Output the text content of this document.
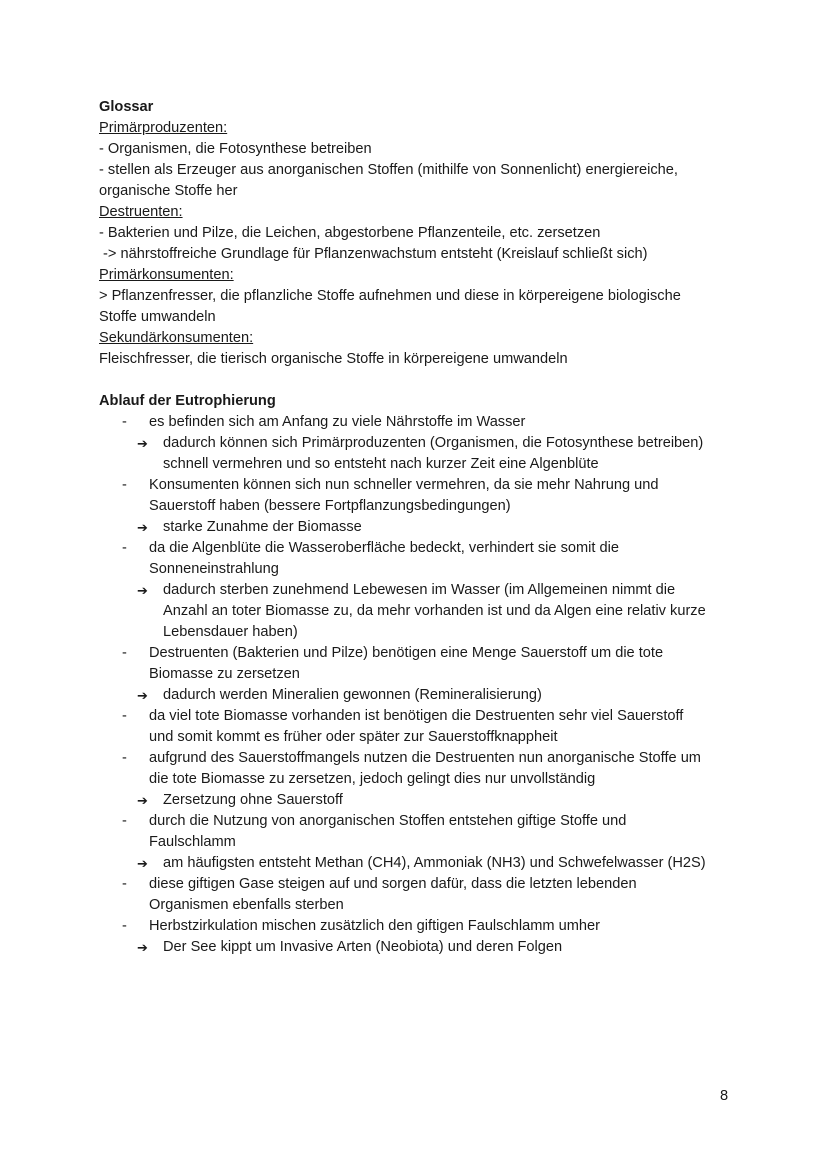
Glossar
Primärproduzenten:
- Organismen, die Fotosynthese betreiben
- stellen als Erzeuger aus anorganischen Stoffen (mithilfe von Sonnenlicht) energiereiche,
organische Stoffe her
Destruenten:
- Bakterien und Pilze, die Leichen, abgestorbene Pflanzenteile, etc. zersetzen
-> nährstoffreiche Grundlage für Pflanzenwachstum entsteht (Kreislauf schließt sich)
Primärkonsumenten:
> Pflanzenfresser, die pflanzliche Stoffe aufnehmen und diese in körpereigene biologische
Stoffe umwandeln
Sekundärkonsumenten:
Fleischfresser, die tierisch organische Stoffe in körpereigene umwandeln
Ablauf der Eutrophierung
- es befinden sich am Anfang zu viele Nährstoffe im Wasser
➔ dadurch können sich Primärproduzenten (Organismen, die Fotosynthese betreiben)
schnell vermehren und so entsteht nach kurzer Zeit eine Algenblüte
- Konsumenten können sich nun schneller vermehren, da sie mehr Nahrung und
Sauerstoff haben (bessere Fortpflanzungsbedingungen)
➔ starke Zunahme der Biomasse
- da die Algenblüte die Wasseroberfläche bedeckt, verhindert sie somit die
Sonneneinstrahlung
➔ dadurch sterben zunehmend Lebewesen im Wasser (im Allgemeinen nimmt die
Anzahl an toter Biomasse zu, da mehr vorhanden ist und da Algen eine relativ kurze
Lebensdauer haben)
- Destruenten (Bakterien und Pilze) benötigen eine Menge Sauerstoff um die tote
Biomasse zu zersetzen
➔ dadurch werden Mineralien gewonnen (Remineralisierung)
- da viel tote Biomasse vorhanden ist benötigen die Destruenten sehr viel Sauerstoff
und somit kommt es früher oder später zur Sauerstoffknappheit
- aufgrund des Sauerstoffmangels nutzen die Destruenten nun anorganische Stoffe um
die tote Biomasse zu zersetzen, jedoch gelingt dies nur unvollständig
➔ Zersetzung ohne Sauerstoff
- durch die Nutzung von anorganischen Stoffen entstehen giftige Stoffe und
Faulschlamm
➔ am häufigsten entsteht Methan (CH4), Ammoniak (NH3) und Schwefelwasser (H2S)
- diese giftigen Gase steigen auf und sorgen dafür, dass die letzten lebenden
Organismen ebenfalls sterben
- Herbstzirkulation mischen zusätzlich den giftigen Faulschlamm umher
➔ Der See kippt um Invasive Arten (Neobiota) und deren Folgen
8
